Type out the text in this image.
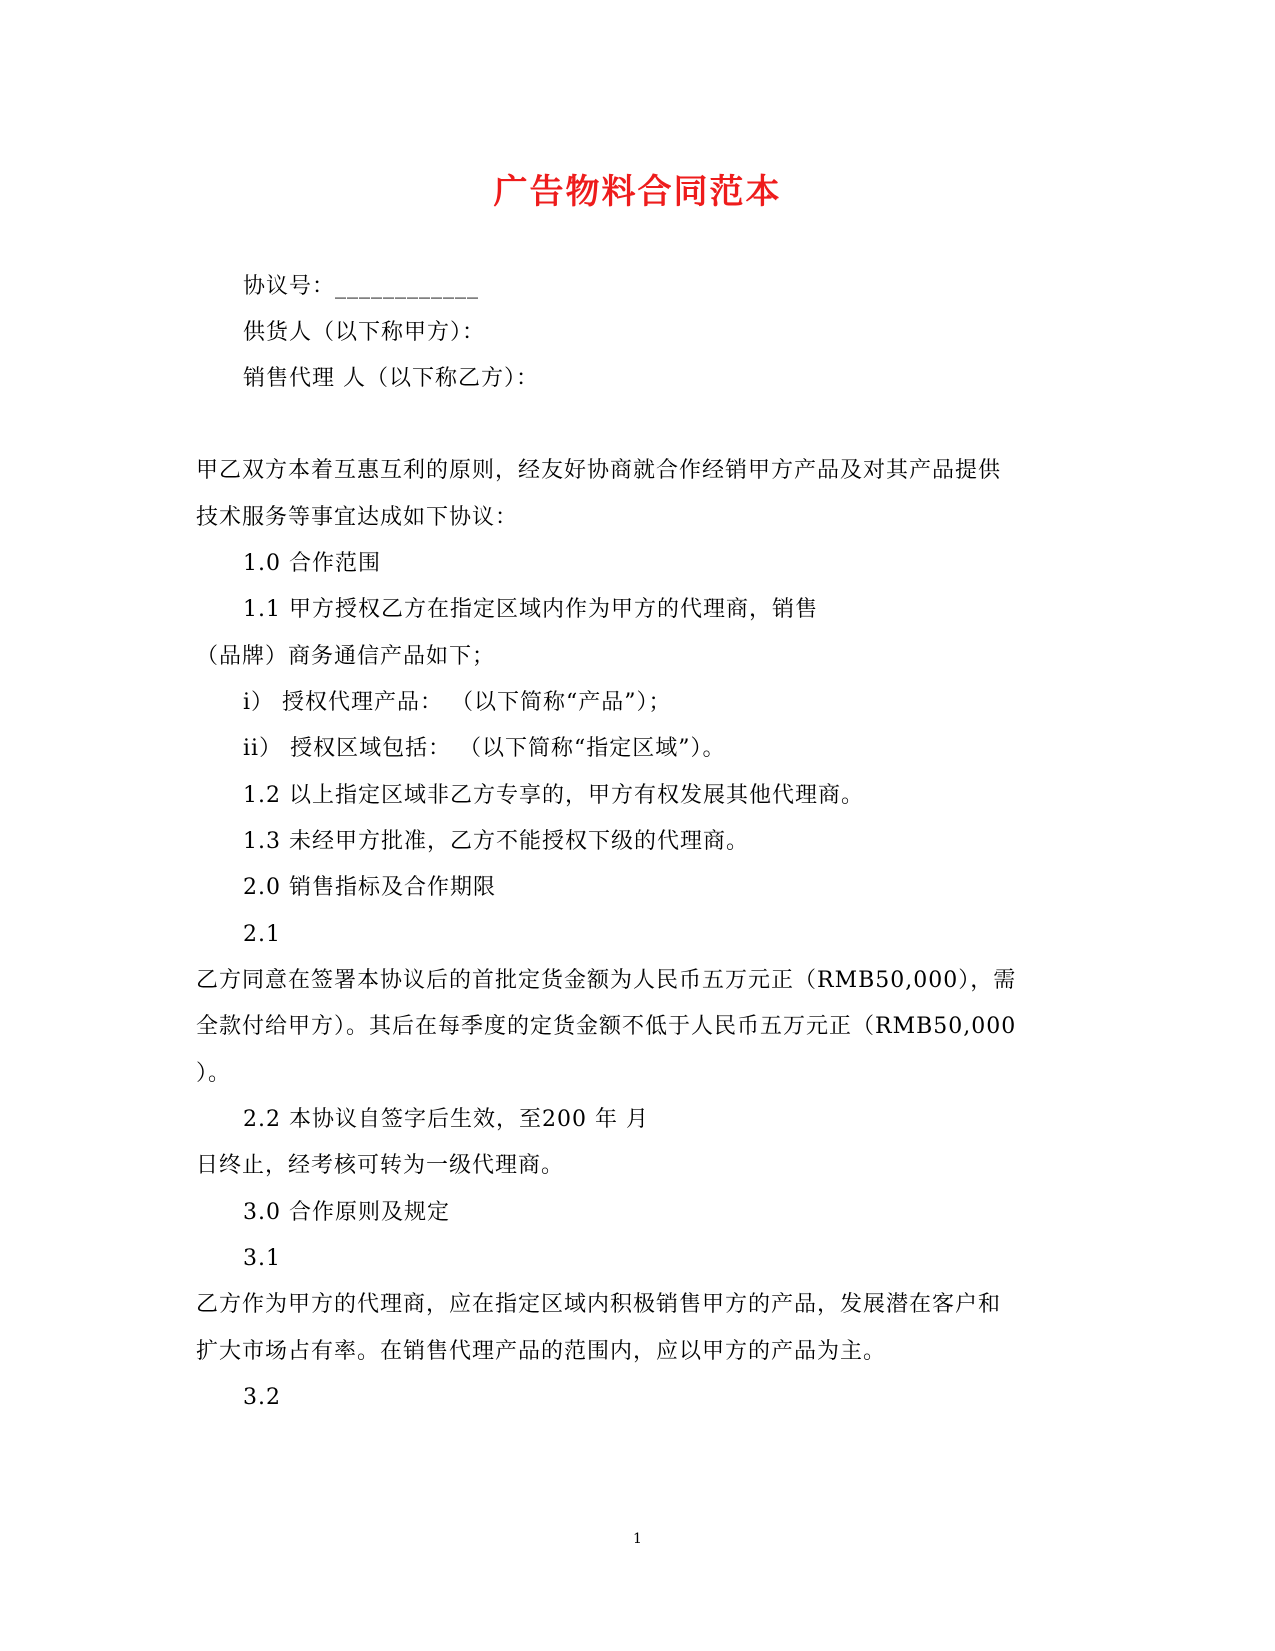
广告物料合同范本
协议号：____________
供货人（以下称甲方）：
销售代理 人（以下称乙方）：
甲乙双方本着互惠互利的原则，经友好协商就合作经销甲方产品及对其产品提供
技术服务等事宜达成如下协议：
1.0 合作范围
1.1 甲方授权乙方在指定区域内作为甲方的代理商，销售
（品牌）商务通信产品如下；
i） 授权代理产品： （以下简称“产品”）；
ii） 授权区域包括： （以下简称“指定区域”）。
1.2 以上指定区域非乙方专享的，甲方有权发展其他代理商。
1.3 未经甲方批准，乙方不能授权下级的代理商。
2.0 销售指标及合作期限
2.1
乙方同意在签署本协议后的首批定货金额为人民币五万元正（RMB50,000），需
全款付给甲方）。其后在每季度的定货金额不低于人民币五万元正（RMB50,000
）。
2.2 本协议自签字后生效，至200 年 月
日终止，经考核可转为一级代理商。
3.0 合作原则及规定
3.1
乙方作为甲方的代理商，应在指定区域内积极销售甲方的产品，发展潜在客户和
扩大市场占有率。在销售代理产品的范围内，应以甲方的产品为主。
3.2
1
